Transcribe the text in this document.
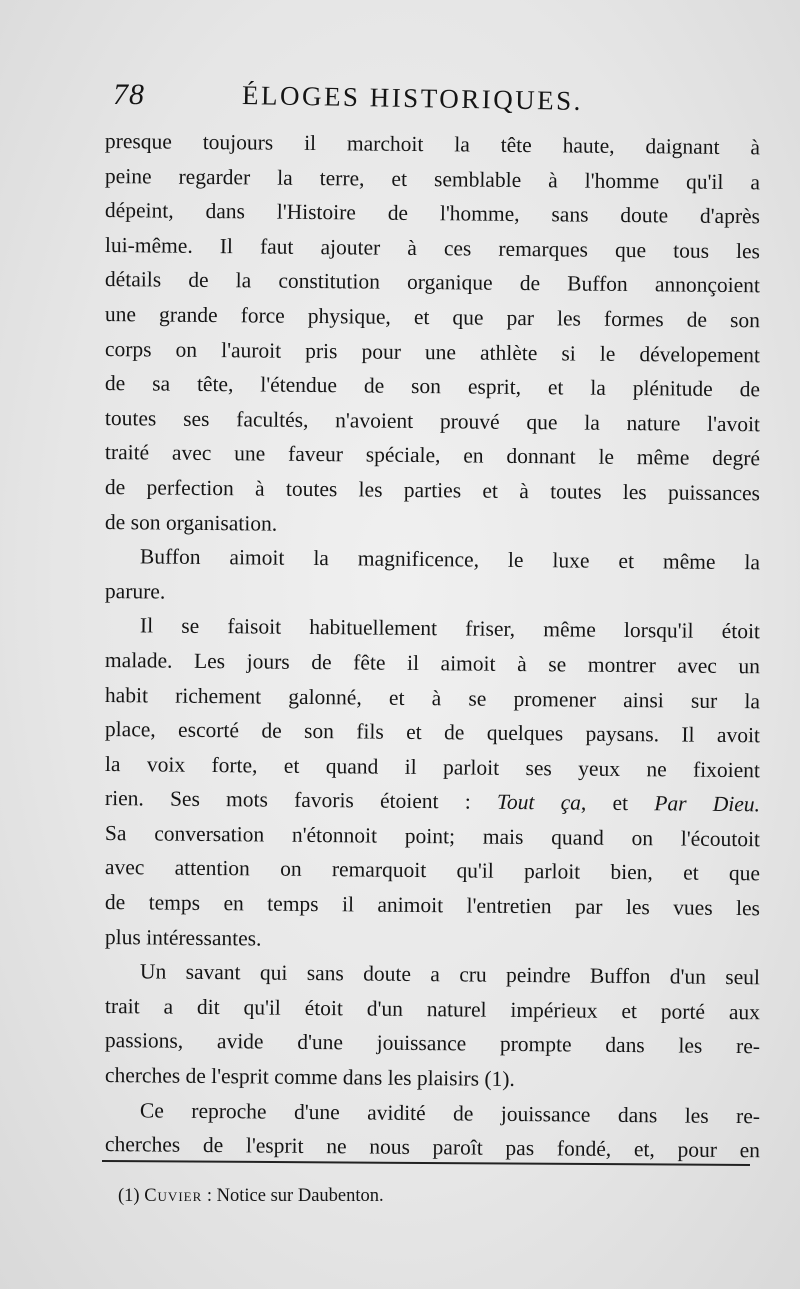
78	ÉLOGES HISTORIQUES.
presque toujours il marchoit la tête haute, daignant à
peine regarder la terre, et semblable à l'homme qu'il a
dépeint, dans l'Histoire de l'homme, sans doute d'après
lui-même. Il faut ajouter à ces remarques que tous les
détails de la constitution organique de Buffon annonçoient
une grande force physique, et que par les formes de son
corps on l'auroit pris pour une athlète si le dévelopement
de sa tête, l'étendue de son esprit, et la plénitude de
toutes ses facultés, n'avoient prouvé que la nature l'avoit
traité avec une faveur spéciale, en donnant le même degré
de perfection à toutes les parties et à toutes les puissances
de son organisation.
Buffon aimoit la magnificence, le luxe et même la
parure.
Il se faisoit habituellement friser, même lorsqu'il étoit
malade. Les jours de fête il aimoit à se montrer avec un
habit richement galonné, et à se promener ainsi sur la
place, escorté de son fils et de quelques paysans. Il avoit
la voix forte, et quand il parloit ses yeux ne fixoient
rien. Ses mots favoris étoient : Tout ça, et Par Dieu.
Sa conversation n'étonnoit point; mais quand on l'écoutoit
avec attention on remarquoit qu'il parloit bien, et que
de temps en temps il animoit l'entretien par les vues les
plus intéressantes.
Un savant qui sans doute a cru peindre Buffon d'un seul
trait a dit qu'il étoit d'un naturel impérieux et porté aux
passions, avide d'une jouissance prompte dans les re-
cherches de l'esprit comme dans les plaisirs (1).
Ce reproche d'une avidité de jouissance dans les re-
cherches de l'esprit ne nous paroît pas fondé, et, pour en
(1) Cuvier : Notice sur Daubenton.
